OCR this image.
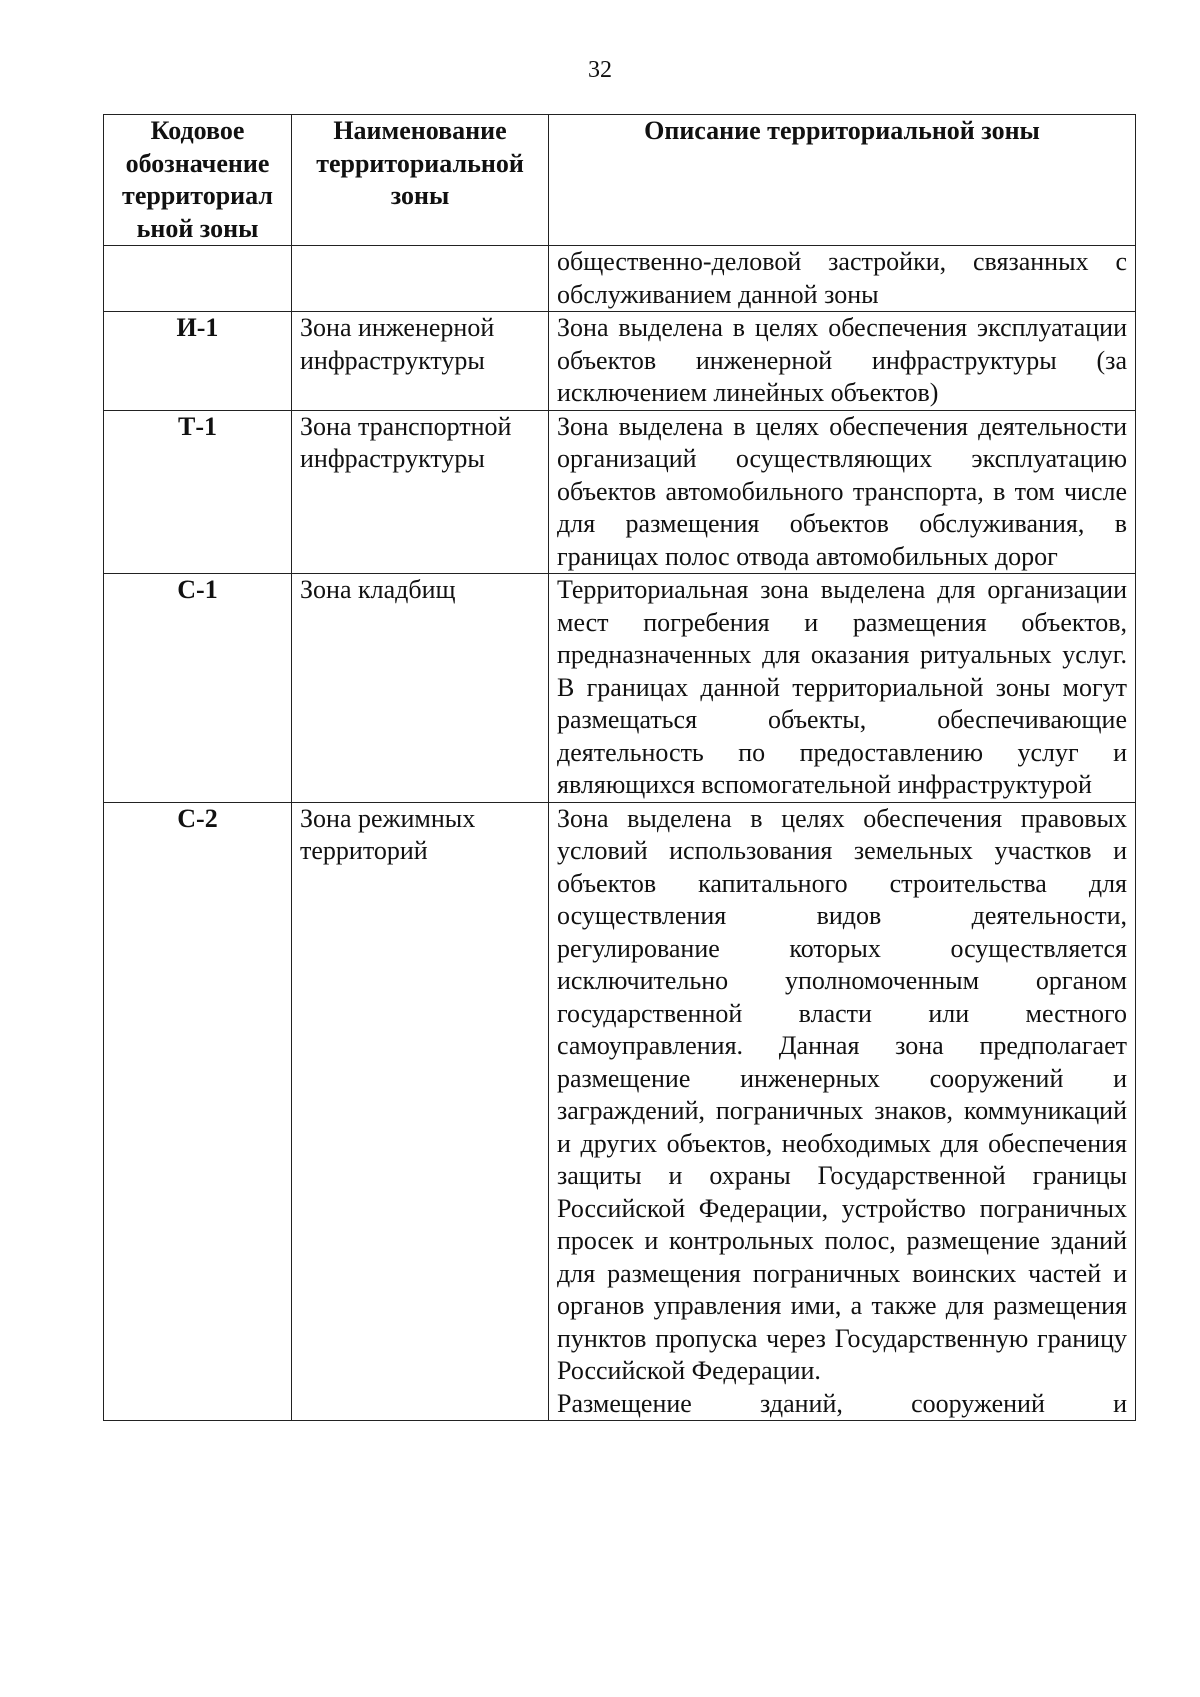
32
Кодовое обозначение территориал ьной зоны	Наименование территориальной зоны	Описание территориальной зоны

		общественно-деловой застройки, связанных с обслуживанием данной зоны

И-1	Зона инженерной инфраструктуры	Зона выделена в целях обеспечения эксплуатации объектов инженерной инфраструктуры (за исключением линейных объектов)

Т-1	Зона транспортной инфраструктуры	Зона выделена в целях обеспечения деятельности организаций осуществляющих эксплуатацию объектов автомобильного транспорта, в том числе для размещения объектов обслуживания, в границах полос отвода автомобильных дорог

С-1	Зона кладбищ	Территориальная зона выделена для организации мест погребения и размещения объектов, предназначенных для оказания ритуальных услуг. В границах данной территориальной зоны могут размещаться объекты, обеспечивающие деятельность по предоставлению услуг и являющихся вспомогательной инфраструктурой

С-2	Зона режимных территорий	Зона выделена в целях обеспечения правовых условий использования земельных участков и объектов капитального строительства для осуществления видов деятельности, регулирование которых осуществляется исключительно уполномоченным органом государственной власти или местного самоуправления. Данная зона предполагает размещение инженерных сооружений и заграждений, пограничных знаков, коммуникаций и других объектов, необходимых для обеспечения защиты и охраны Государственной границы Российской Федерации, устройство пограничных просек и контрольных полос, размещение зданий для размещения пограничных воинских частей и органов управления ими, а также для размещения пунктов пропуска через Государственную границу Российской Федерации.

Размещение зданий, сооружений и
